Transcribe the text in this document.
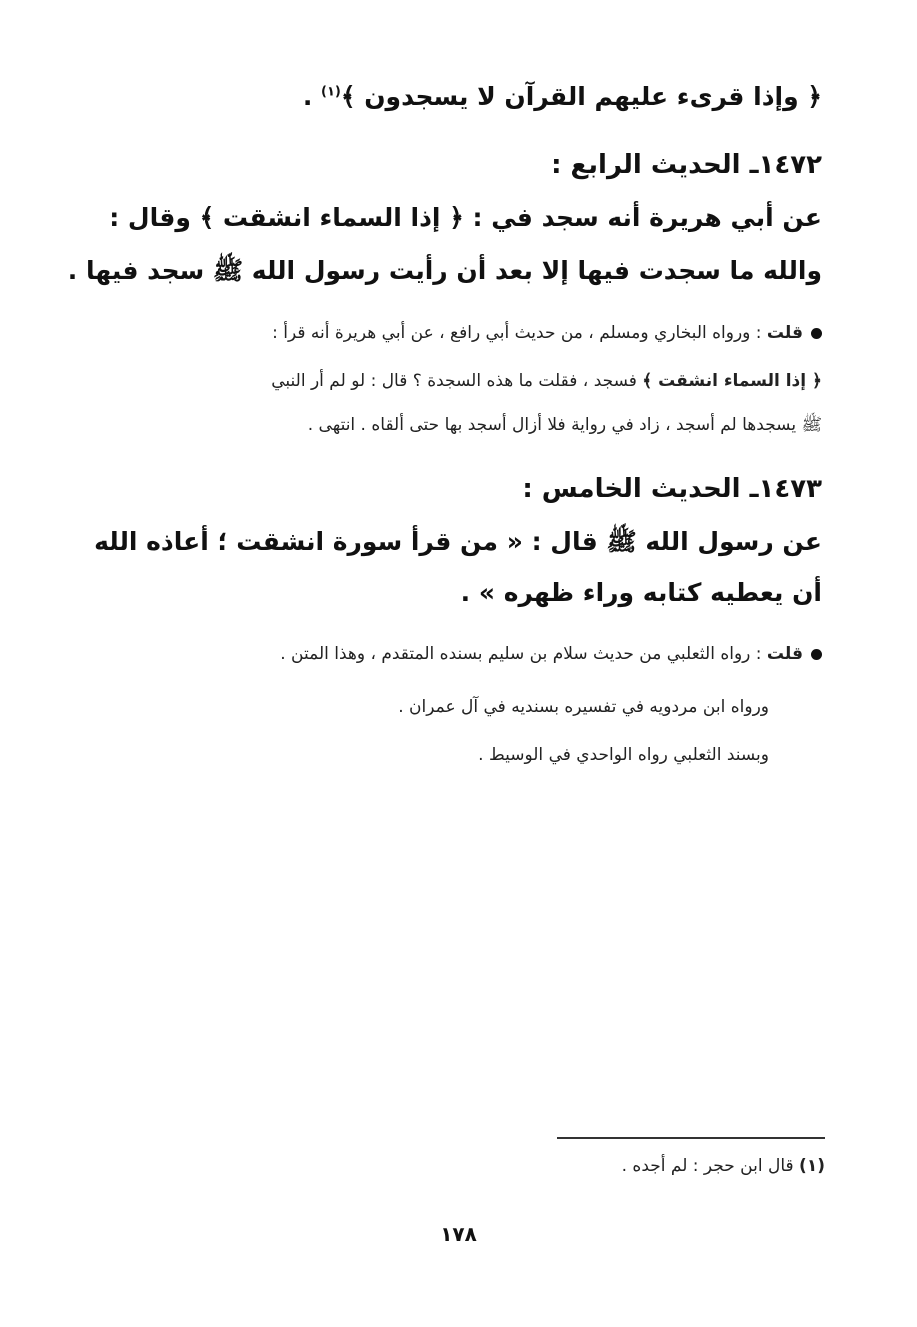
﴿ وإذا قرىء عليهم القرآن لا يسجدون ﴾$^{(١)}$ .
١٤٧٢ـ الحديث الرابع :
عن أبي هريرة أنه سجد في : ﴿ إذا السماء انشقت ﴾ وقال :
والله ما سجدت فيها إلا بعد أن رأيت رسول الله ﷺ سجد فيها .
قلت : ورواه البخاري ومسلم ، من حديث أبي رافع ، عن أبي هريرة أنه قرأ :
﴿ إذا السماء انشقت ﴾ فسجد ، فقلت ما هذه السجدة ؟ قال : لو لم أر النبي
ﷺ يسجدها لم أسجد ، زاد في رواية فلا أزال أسجد بها حتى ألقاه . انتهى .
١٤٧٣ـ الحديث الخامس :
عن رسول الله ﷺ قال : « من قرأ سورة انشقت ؛ أعاذه الله
أن يعطيه كتابه وراء ظهره » .
قلت : رواه الثعلبي من حديث سلام بن سليم بسنده المتقدم ، وهذا المتن .
ورواه ابن مردويه في تفسيره بسنديه في آل عمران .
وبسند الثعلبي رواه الواحدي في الوسيط .
(١) قال ابن حجر : لم أجده .
١٧٨
